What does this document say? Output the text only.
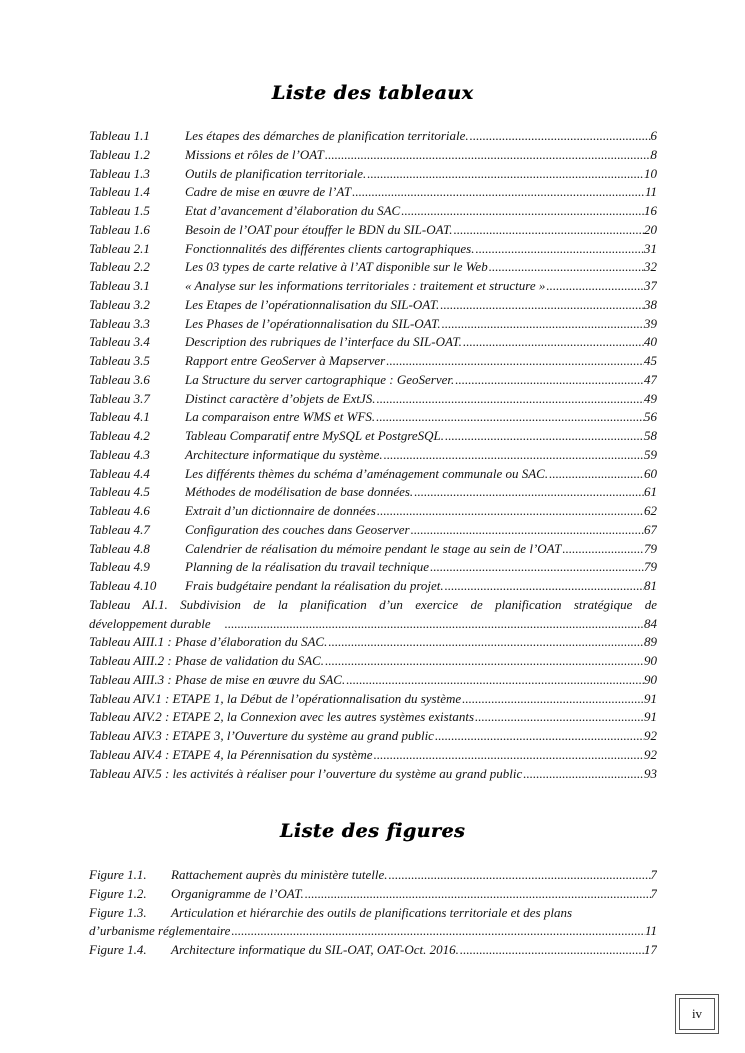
Liste des tableaux
Tableau 1.1	Les étapes des démarches de planification territoriale. .....	6
Tableau 1.2	Missions et rôles de l’OAT .....	8
Tableau 1.3	Outils de planification territoriale. .....	10
Tableau 1.4	Cadre de mise en œuvre de l’AT .....	11
Tableau 1.5	Etat d’avancement d’élaboration du SAC .....	16
Tableau 1.6	Besoin de l’OAT pour étouffer le BDN du SIL-OAT. .....	20
Tableau 2.1	Fonctionnalités des différentes clients cartographiques. .....	31
Tableau 2.2	Les 03 types de carte relative à l’AT disponible sur le Web .....	32
Tableau 3.1	« Analyse sur les informations territoriales : traitement et structure » .....	37
Tableau 3.2	Les Etapes de l’opérationnalisation du SIL-OAT. .....	38
Tableau 3.3	Les Phases de l’opérationnalisation du SIL-OAT. .....	39
Tableau 3.4	Description des rubriques de l’interface du SIL-OAT. .....	40
Tableau 3.5	Rapport entre GeoServer à Mapserver .....	45
Tableau 3.6	La Structure du server cartographique : GeoServer. .....	47
Tableau 3.7	Distinct caractère d’objets de ExtJS. .....	49
Tableau 4.1	La comparaison entre WMS et WFS. .....	56
Tableau 4.2	Tableau Comparatif entre MySQL et PostgreSQL. .....	58
Tableau 4.3	Architecture informatique du système. .....	59
Tableau 4.4	Les différents thèmes du schéma d’aménagement communale ou SAC. .....	60
Tableau 4.5	Méthodes de modélisation de base données. .....	61
Tableau 4.6	Extrait d’un dictionnaire de données .....	62
Tableau 4.7	Configuration des couches dans Geoserver .....	67
Tableau 4.8	Calendrier de réalisation du mémoire pendant le stage au sein de l’OAT .....	79
Tableau 4.9	Planning de la réalisation du travail technique .....	79
Tableau 4.10	Frais budgétaire pendant la réalisation du projet. .....	81
Tableau AI.1. Subdivision de la planification d’un exercice de planification stratégique de
développement durable .....	84
Tableau AIII.1 : Phase d’élaboration du SAC. .....	89
Tableau AIII.2 : Phase de validation du SAC. .....	90
Tableau AIII.3 : Phase de mise en œuvre du SAC. .....	90
Tableau AIV.1 : ETAPE 1, la Début de l’opérationnalisation du système .....	91
Tableau AIV.2 : ETAPE 2, la Connexion avec les autres systèmes existants .....	91
Tableau AIV.3 : ETAPE 3, l’Ouverture du système au grand public .....	92
Tableau AIV.4 : ETAPE 4, la Pérennisation du système .....	92
Tableau AIV.5 : les activités à réaliser pour l’ouverture du système au grand public .....	93
Liste des figures
Figure 1.1.	Rattachement auprès du ministère tutelle. .....	7
Figure 1.2.	Organigramme de l’OAT. .....	7
Figure 1.3.	Articulation et hiérarchie des outils de planifications territoriale et des plans
d’urbanisme réglementaire .....	11
Figure 1.4.	Architecture informatique du SIL-OAT, OAT-Oct. 2016. .....	17
iv
